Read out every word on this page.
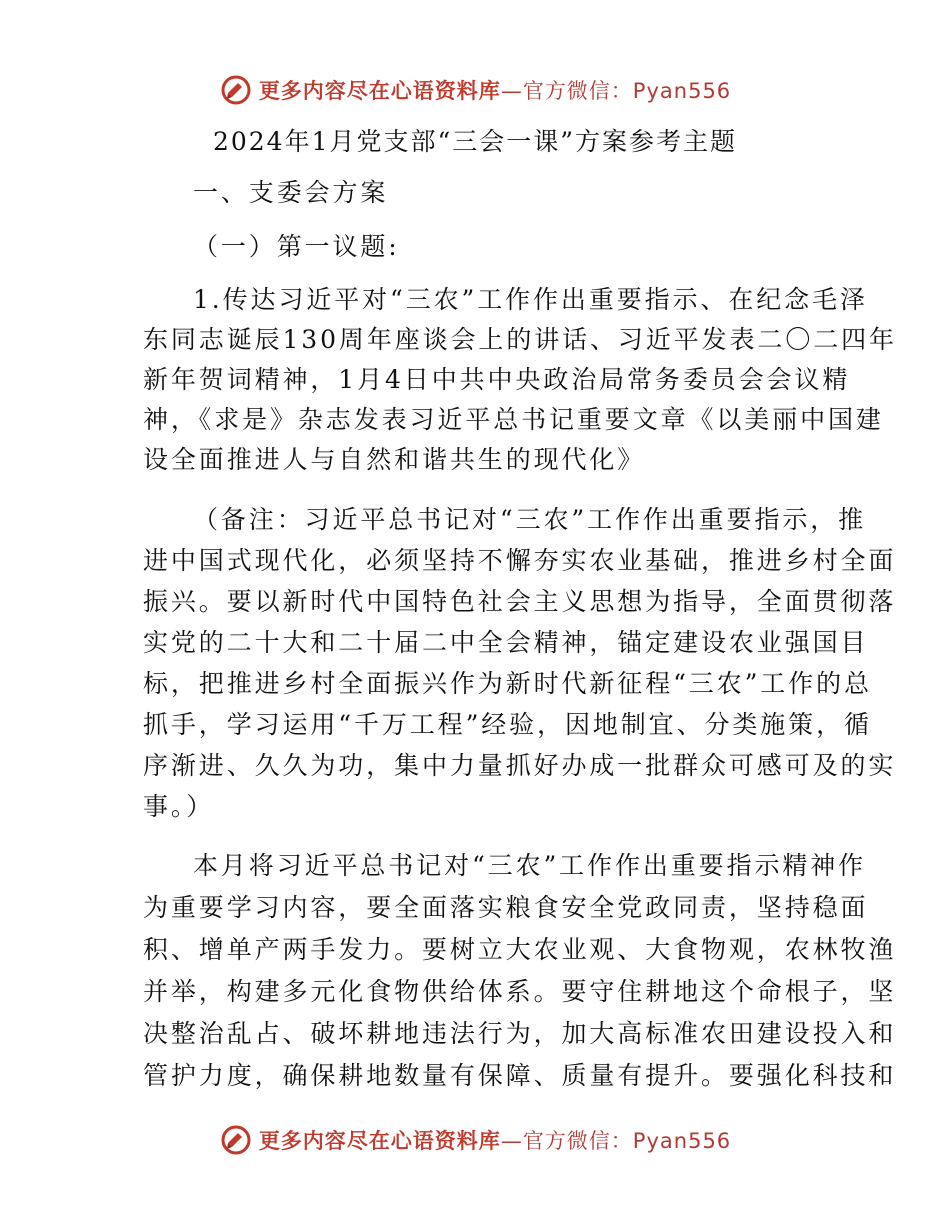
更多内容尽在心语资料库—官方微信：Pyan556
2024年1月党支部“三会一课”方案参考主题
一、支委会方案
（一）第一议题:
1.传达习近平对“三农”工作作出重要指示、在纪念毛泽
东同志诞辰130周年座谈会上的讲话、习近平发表二〇二四年
新年贺词精神，1月4日中共中央政治局常务委员会会议精
神，《求是》杂志发表习近平总书记重要文章《以美丽中国建
设全面推进人与自然和谐共生的现代化》
（备注：习近平总书记对“三农”工作作出重要指示，推
进中国式现代化，必须坚持不懈夯实农业基础，推进乡村全面
振兴。要以新时代中国特色社会主义思想为指导，全面贯彻落
实党的二十大和二十届二中全会精神，锚定建设农业强国目
标，把推进乡村全面振兴作为新时代新征程“三农”工作的总
抓手，学习运用“千万工程”经验，因地制宜、分类施策，循
序渐进、久久为功，集中力量抓好办成一批群众可感可及的实
事。）
本月将习近平总书记对“三农”工作作出重要指示精神作
为重要学习内容，要全面落实粮食安全党政同责，坚持稳面
积、增单产两手发力。要树立大农业观、大食物观，农林牧渔
并举，构建多元化食物供给体系。要守住耕地这个命根子，坚
决整治乱占、破坏耕地违法行为，加大高标准农田建设投入和
管护力度，确保耕地数量有保障、质量有提升。要强化科技和
更多内容尽在心语资料库—官方微信：Pyan556
